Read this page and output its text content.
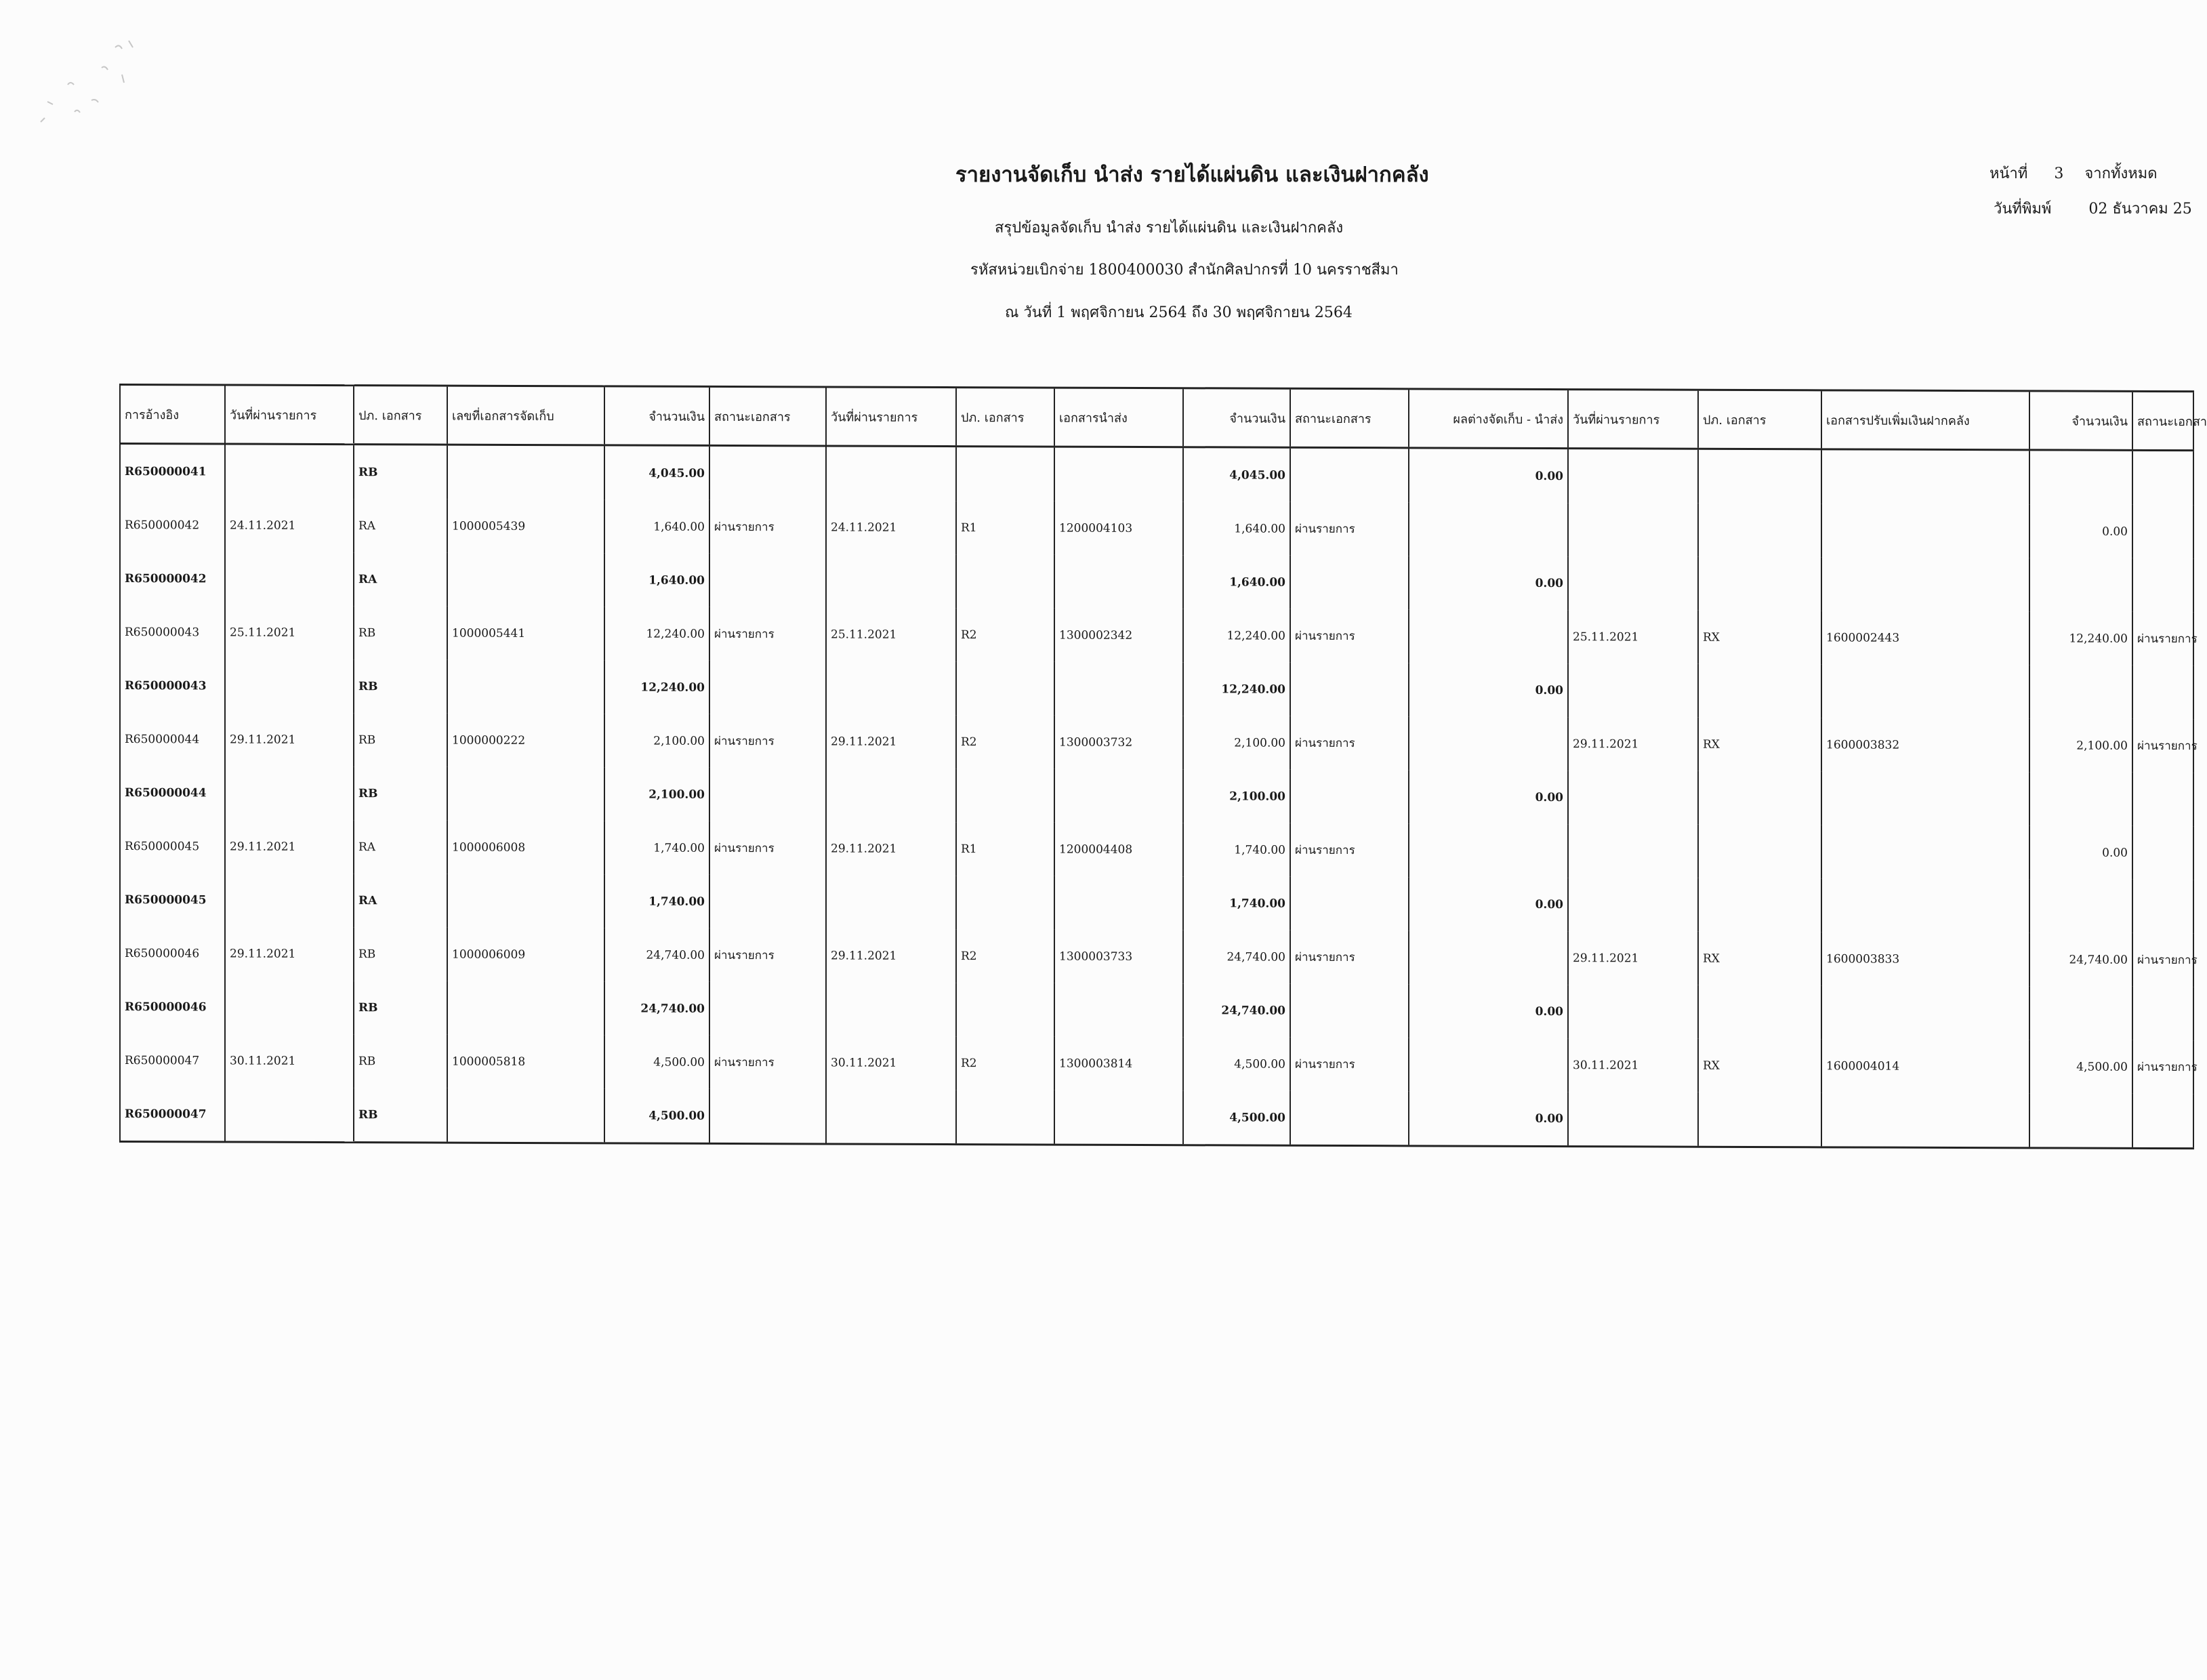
รายงานจัดเก็บ นำส่ง รายได้แผ่นดิน และเงินฝากคลัง
สรุปข้อมูลจัดเก็บ นำส่ง รายได้แผ่นดิน และเงินฝากคลัง
รหัสหน่วยเบิกจ่าย 1800400030 สำนักศิลปากรที่ 10 นครราชสีมา
ณ วันที่ 1 พฤศจิกายน 2564 ถึง 30 พฤศจิกายน 2564
หน้าที่ 3 จากทั้งหมด
วันที่พิมพ์	02 ธันวาคม 25
การอ้างอิง	วันที่ผ่านรายการ	ปภ. เอกสาร	เลขที่เอกสารจัดเก็บ	จำนวนเงิน	สถานะเอกสาร	วันที่ผ่านรายการ	ปภ. เอกสาร	เอกสารนำส่ง	จำนวนเงิน	สถานะเอกสาร	ผลต่างจัดเก็บ - นำส่ง	วันที่ผ่านรายการ	ปภ. เอกสาร	เอกสารปรับเพิ่มเงินฝากคลัง	จำนวนเงิน	สถานะเอกสา
R650000041		RB		4,045.00					4,045.00		0.00					
R650000042	24.11.2021	RA	1000005439	1,640.00	ผ่านรายการ	24.11.2021	R1	1200004103	1,640.00	ผ่านรายการ					0.00	
R650000042		RA		1,640.00					1,640.00		0.00					
R650000043	25.11.2021	RB	1000005441	12,240.00	ผ่านรายการ	25.11.2021	R2	1300002342	12,240.00	ผ่านรายการ		25.11.2021	RX	1600002443	12,240.00	ผ่านรายการ
R650000043		RB		12,240.00					12,240.00		0.00					
R650000044	29.11.2021	RB	1000000222	2,100.00	ผ่านรายการ	29.11.2021	R2	1300003732	2,100.00	ผ่านรายการ		29.11.2021	RX	1600003832	2,100.00	ผ่านรายการ
R650000044		RB		2,100.00					2,100.00		0.00					
R650000045	29.11.2021	RA	1000006008	1,740.00	ผ่านรายการ	29.11.2021	R1	1200004408	1,740.00	ผ่านรายการ					0.00	
R650000045		RA		1,740.00					1,740.00		0.00					
R650000046	29.11.2021	RB	1000006009	24,740.00	ผ่านรายการ	29.11.2021	R2	1300003733	24,740.00	ผ่านรายการ		29.11.2021	RX	1600003833	24,740.00	ผ่านรายการ
R650000046		RB		24,740.00					24,740.00		0.00					
R650000047	30.11.2021	RB	1000005818	4,500.00	ผ่านรายการ	30.11.2021	R2	1300003814	4,500.00	ผ่านรายการ		30.11.2021	RX	1600004014	4,500.00	ผ่านรายการ
R650000047		RB		4,500.00					4,500.00		0.00					
